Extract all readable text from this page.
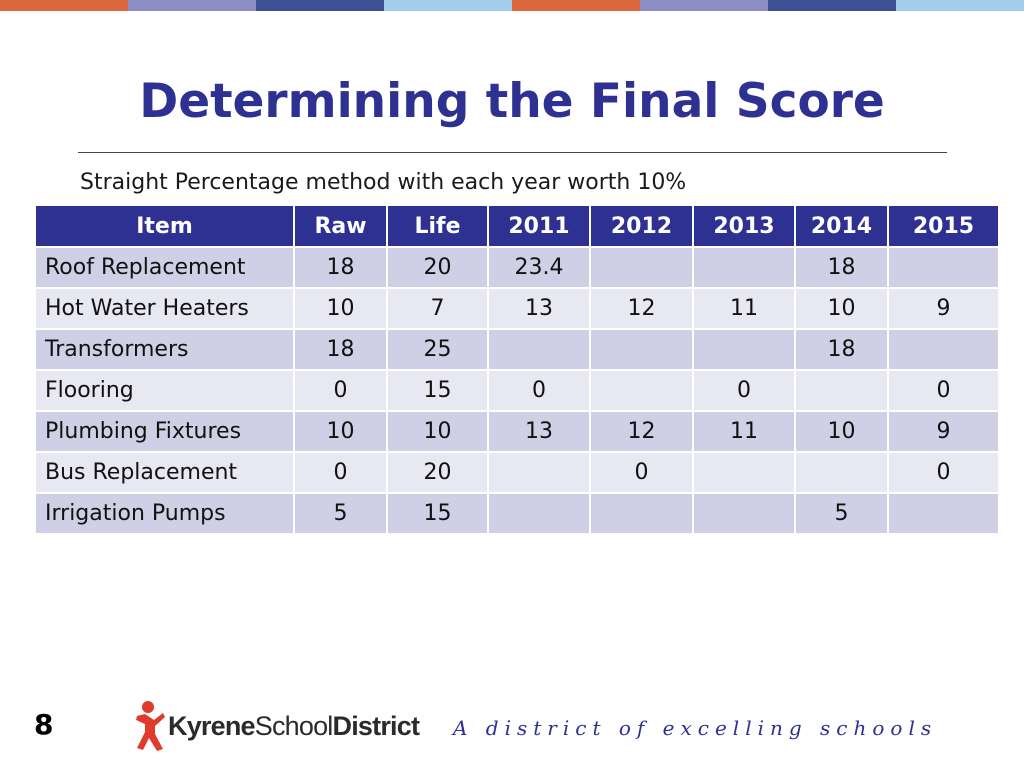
Determining the Final Score
Straight Percentage method with each year worth 10%
Item	Raw	Life	2011	2012	2013	2014	2015
Roof Replacement	18	20	23.4			18	
Hot Water Heaters	10	7	13	12	11	10	9
Transformers	18	25				18	
Flooring	0	15	0		0		0
Plumbing Fixtures	10	10	13	12	11	10	9
Bus Replacement	0	20		0			0
Irrigation Pumps	5	15				5	
8	KyreneSchoolDistrict A district of excelling schools
